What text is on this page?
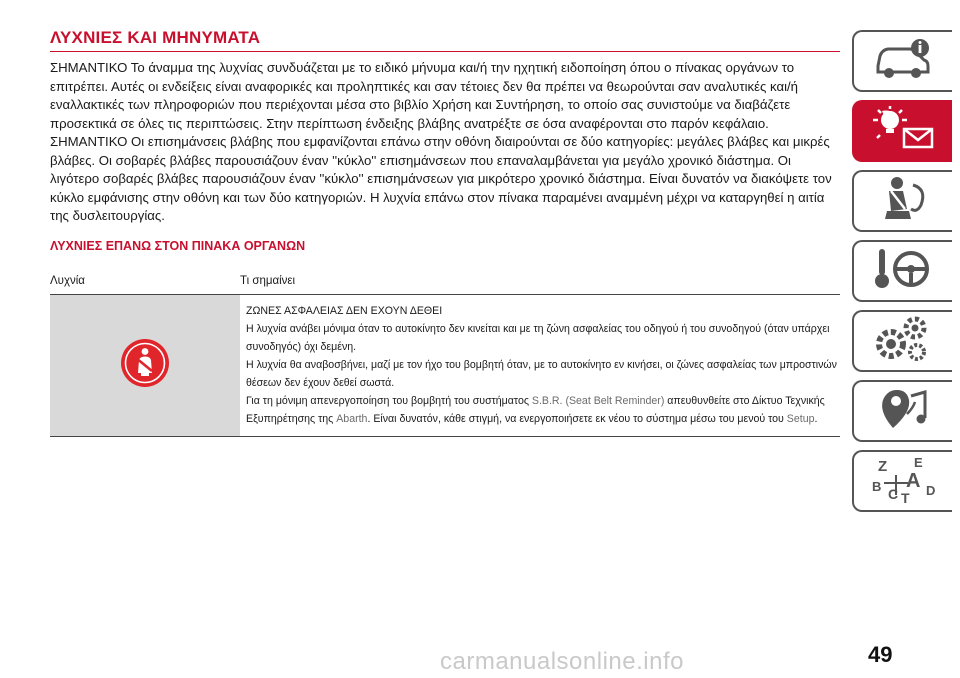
ΛΥΧΝΙΕΣ ΚΑΙ ΜΗΝΥΜΑΤΑ

ΣΗΜΑΝΤΙΚΟ Το άναμμα της λυχνίας συνδυάζεται με το ειδικό μήνυμα και/ή την ηχητική ειδοποίηση όπου ο πίνακας οργάνων το επιτρέπει. Αυτές οι ενδείξεις είναι αναφορικές και προληπτικές και σαν τέτοιες δεν θα πρέπει να θεωρούνται σαν αναλυτικές και/ή εναλλακτικές των πληροφοριών που περιέχονται μέσα στο βιβλίο Χρήση και Συντήρηση, το οποίο σας συνιστούμε να διαβάζετε προσεκτικά σε όλες τις περιπτώσεις. Στην περίπτωση ένδειξης βλάβης ανατρέξτε σε όσα αναφέρονται στο παρόν κεφάλαιο.

ΣΗΜΑΝΤΙΚΟ Οι επισημάνσεις βλάβης που εμφανίζονται επάνω στην οθόνη διαιρούνται σε δύο κατηγορίες: μεγάλες βλάβες και μικρές βλάβες. Οι σοβαρές βλάβες παρουσιάζουν έναν ''κύκλο'' επισημάνσεων που επαναλαμβάνεται για μεγάλο χρονικό διάστημα. Οι λιγότερο σοβαρές βλάβες παρουσιάζουν έναν ''κύκλο'' επισημάνσεων για μικρότερο χρονικό διάστημα. Είναι δυνατόν να διακόψετε τον κύκλο εμφάνισης στην οθόνη και των δύο κατηγοριών. Η λυχνία επάνω στον πίνακα παραμένει αναμμένη μέχρι να καταργηθεί η αιτία της δυσλειτουργίας.

ΛΥΧΝΙΕΣ ΕΠΑΝΩ ΣΤΟΝ ΠΙΝΑΚΑ ΟΡΓΑΝΩΝ
Λυχνία	Τι σημαίνει
ΖΩΝΕΣ ΑΣΦΑΛΕΙΑΣ ΔΕΝ ΕΧΟΥΝ ΔΕΘΕΙ
Η λυχνία ανάβει μόνιμα όταν το αυτοκίνητο δεν κινείται και με τη ζώνη ασφαλείας του οδηγού ή του συνοδηγού (όταν υπάρχει συνοδηγός) όχι δεμένη.
Η λυχνία θα αναβοσβήνει, μαζί με τον ήχο του βομβητή όταν, με το αυτοκίνητο εν κινήσει, οι ζώνες ασφαλείας των μπροστινών θέσεων δεν έχουν δεθεί σωστά.
Για τη μόνιμη απενεργοποίηση του βομβητή του συστήματος S.B.R. (Seat Belt Reminder) απευθυνθείτε στο Δίκτυο Τεχνικής Εξυπηρέτησης της Abarth. Είναι δυνατόν, κάθε στιγμή, να ενεργοποιήσετε εκ νέου το σύστημα μέσω του μενού του Setup.
Z E
B A
C T D
49
carmanualsonline.info
